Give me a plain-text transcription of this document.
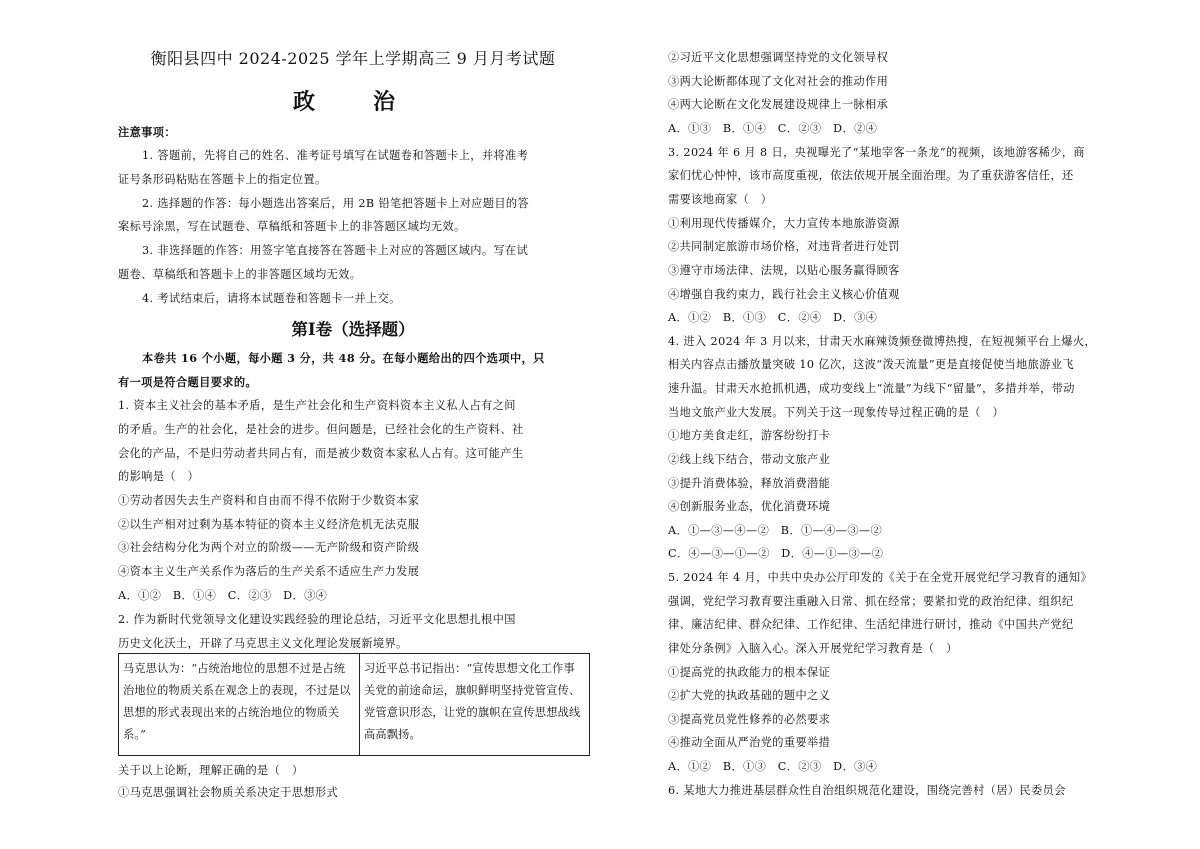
衡阳县四中 2024-2025 学年上学期高三 9 月月考试题
政　治
注意事项：
1. 答题前，先将自己的姓名、准考证号填写在试题卷和答题卡上，并将准考
证号条形码粘贴在答题卡上的指定位置。
2. 选择题的作答：每小题选出答案后，用 2B 铅笔把答题卡上对应题目的答
案标号涂黑，写在试题卷、草稿纸和答题卡上的非答题区域均无效。
3. 非选择题的作答：用签字笔直接答在答题卡上对应的答题区域内。写在试
题卷、草稿纸和答题卡上的非答题区域均无效。
4. 考试结束后，请将本试题卷和答题卡一并上交。
第Ⅰ卷（选择题）
本卷共 16 个小题，每小题 3 分，共 48 分。在每小题给出的四个选项中，只
有一项是符合题目要求的。
1. 资本主义社会的基本矛盾，是生产社会化和生产资料资本主义私人占有之间
的矛盾。生产的社会化，是社会的进步。但问题是，已经社会化的生产资料、社
会化的产品，不是归劳动者共同占有，而是被少数资本家私人占有。这可能产生
的影响是（　）
①劳动者因失去生产资料和自由而不得不依附于少数资本家
②以生产相对过剩为基本特征的资本主义经济危机无法克服
③社会结构分化为两个对立的阶级——无产阶级和资产阶级
④资本主义生产关系作为落后的生产关系不适应生产力发展
A．①②　B．①④　C．②③　D．③④
2. 作为新时代党领导文化建设实践经验的理论总结，习近平文化思想扎根中国
历史文化沃土，开辟了马克思主义文化理论发展新境界。
马克思认为：“占统治地位的思想不过是占统治地位的物质关系在观念上的表现，不过是以思想的形式表现出来的占统治地位的物质关系。”
习近平总书记指出：“宣传思想文化工作事关党的前途命运，旗帜鲜明坚持党管宣传、党管意识形态，让党的旗帜在宣传思想战线高高飘扬。
关于以上论断，理解正确的是（　）
①马克思强调社会物质关系决定于思想形式
②习近平文化思想强调坚持党的文化领导权
③两大论断都体现了文化对社会的推动作用
④两大论断在文化发展建设规律上一脉相承
A．①③　B．①④　C．②③　D．②④
3. 2024 年 6 月 8 日，央视曝光了“某地宰客一条龙”的视频，该地游客稀少，商
家们忧心忡忡，该市高度重视，依法依规开展全面治理。为了重获游客信任，还
需要该地商家（　）
①利用现代传播媒介，大力宣传本地旅游资源
②共同制定旅游市场价格，对违背者进行处罚
③遵守市场法律、法规，以贴心服务赢得顾客
④增强自我约束力，践行社会主义核心价值观
A．①②　B．①③　C．②④　D．③④
4. 进入 2024 年 3 月以来，甘肃天水麻辣烫频登微博热搜，在短视频平台上爆火，
相关内容点击播放量突破 10 亿次，这波“泼天流量”更是直接促使当地旅游业飞
速升温。甘肃天水抢抓机遇，成功变线上“流量”为线下“留量”，多措并举，带动
当地文旅产业大发展。下列关于这一现象传导过程正确的是（　）
①地方美食走红，游客纷纷打卡
②线上线下结合，带动文旅产业
③提升消费体验，释放消费潜能
④创新服务业态，优化消费环境
A．①—③—④—②　B．①—④—③—②
C．④—③—①—②　D．④—①—③—②
5. 2024 年 4 月，中共中央办公厅印发的《关于在全党开展党纪学习教育的通知》
强调，党纪学习教育要注重融入日常、抓在经常；要紧扣党的政治纪律、组织纪
律、廉洁纪律、群众纪律、工作纪律、生活纪律进行研讨，推动《中国共产党纪
律处分条例》入脑入心。深入开展党纪学习教育是（　）
①提高党的执政能力的根本保证
②扩大党的执政基础的题中之义
③提高党员党性修养的必然要求
④推动全面从严治党的重要举措
A．①②　B．①③　C．②③　D．③④
6. 某地大力推进基层群众性自治组织规范化建设，围绕完善村（居）民委员会
